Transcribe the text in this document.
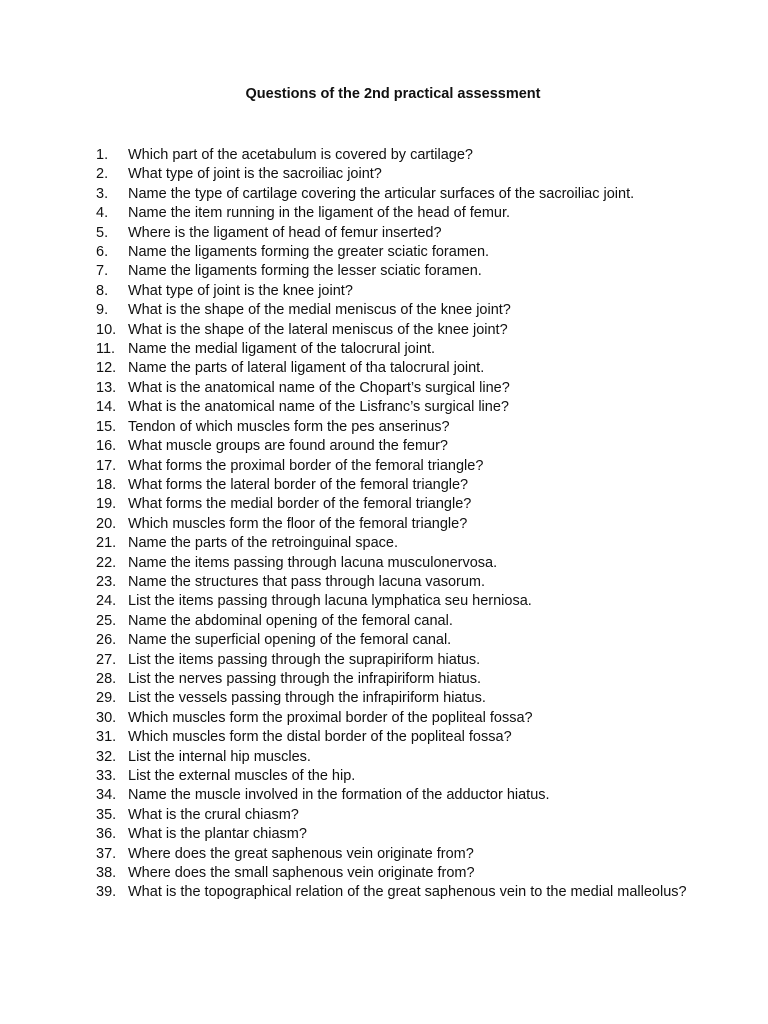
Questions of the 2nd practical assessment
1.	Which part of the acetabulum is covered by cartilage?
2.	What type of joint is the sacroiliac joint?
3.	Name the type of cartilage covering the articular surfaces of the sacroiliac joint.
4.	Name the item running in the ligament of the head of femur.
5.	Where is the ligament of head of femur inserted?
6.	Name the ligaments forming the greater sciatic foramen.
7.	Name the ligaments forming the lesser sciatic foramen.
8.	What type of joint is the knee joint?
9.	What is the shape of the medial meniscus of the knee joint?
10. What is the shape of the lateral meniscus of the knee joint?
11. Name the medial ligament of the talocrural joint.
12. Name the parts of lateral ligament of tha talocrural joint.
13. What is the anatomical name of the Chopart’s surgical line?
14. What is the anatomical name of the Lisfranc’s surgical line?
15. Tendon of which muscles form the pes anserinus?
16. What muscle groups are found around the femur?
17. What forms the proximal border of the femoral triangle?
18. What forms the lateral border of the femoral triangle?
19. What forms the medial border of the femoral triangle?
20. Which muscles form the floor of the femoral triangle?
21. Name the parts of the retroinguinal space.
22. Name the items passing through lacuna musculonervosa.
23. Name the structures that pass through lacuna vasorum.
24. List the items passing through lacuna lymphatica seu herniosa.
25. Name the abdominal opening of the femoral canal.
26. Name the superficial opening of the femoral canal.
27. List the items passing through the suprapiriform hiatus.
28. List the nerves passing through the infrapiriform hiatus.
29. List the vessels passing through the infrapiriform hiatus.
30. Which muscles form the proximal border of the popliteal fossa?
31. Which muscles form the distal border of the popliteal fossa?
32. List the internal hip muscles.
33. List the external muscles of the hip.
34. Name the muscle involved in the formation of the adductor hiatus.
35. What is the crural chiasm?
36. What is the plantar chiasm?
37. Where does the great saphenous vein originate from?
38. Where does the small saphenous vein originate from?
39. What is the topographical relation of the great saphenous vein to the medial malleolus?
